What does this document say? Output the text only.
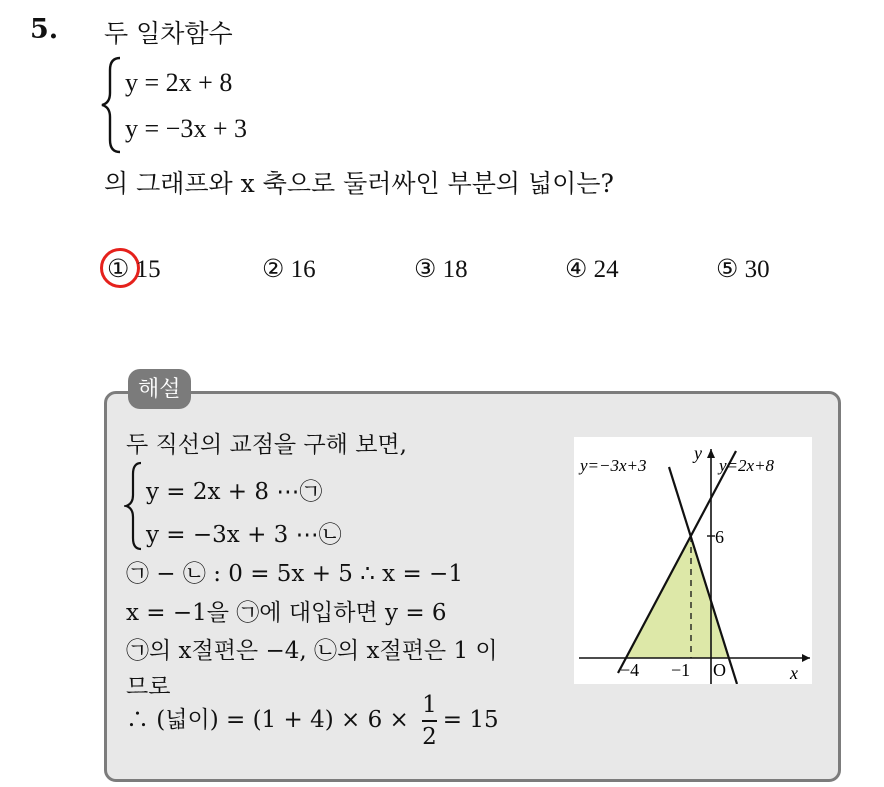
5. 두 일차함수
y = 2x + 8
y = −3x + 3
의 그래프와 x 축으로 둘러싸인 부분의 넓이는?
① 15	② 16	③ 18	④ 24	⑤ 30
해설
두 직선의 교점을 구해 보면,
y = 2x + 8 ⋯㉠
y = −3x + 3 ⋯㉡
㉠ − ㉡ : 0 = 5x + 5 ∴ x = −1
x = −1을 ㉠에 대입하면 y = 6
㉠의 x절편은 −4, ㉡의 x절편은 1 이
므로
∴ (넓이) = $(1 + 4) \times 6 \times \frac{1}{2} = 15$
y=−3x+3	y=2x+8
y
x
6
−4 −1 O
